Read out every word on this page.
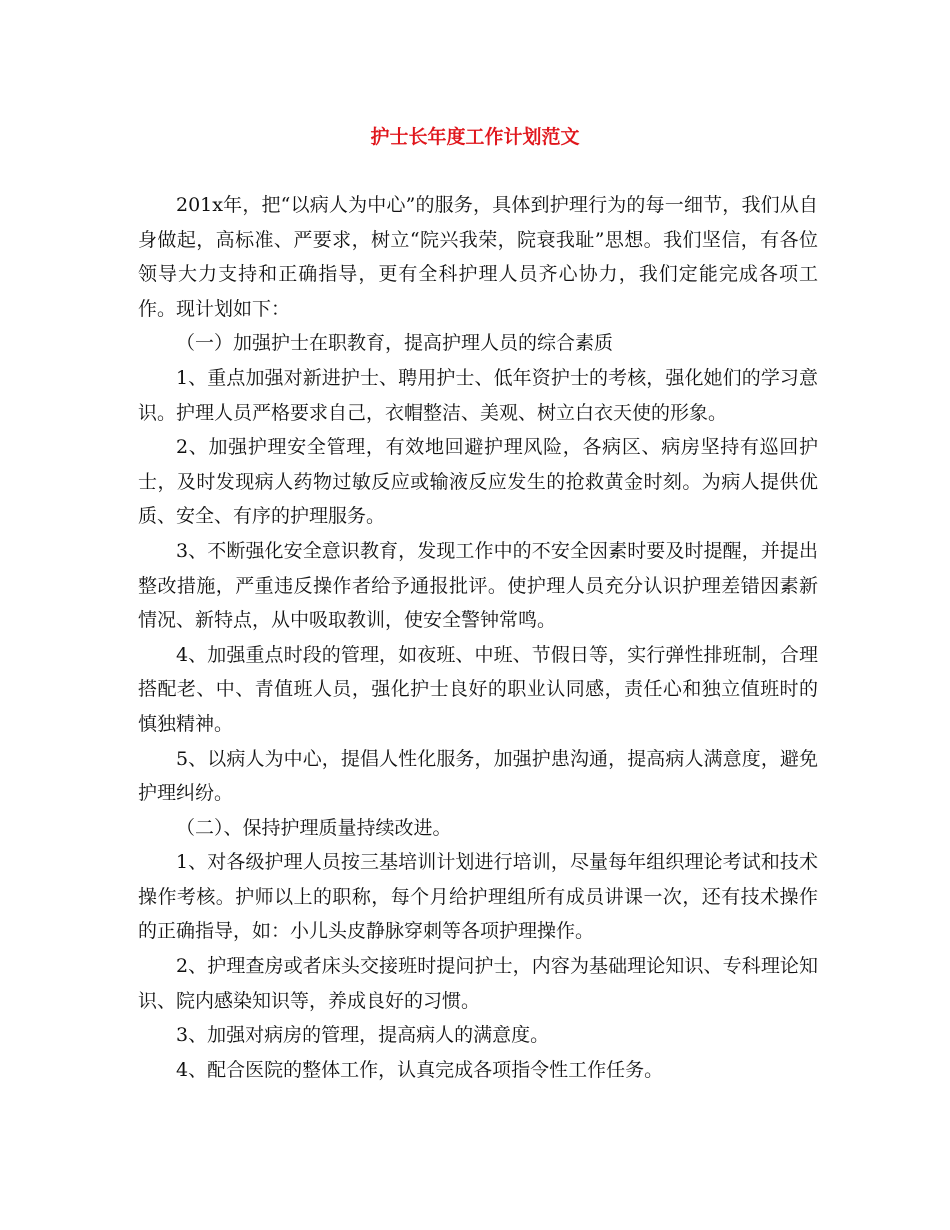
护士长年度工作计划范文

201x年，把“以病人为中心”的服务，具体到护理行为的每一细节，我们从自身做起，高标准、严要求，树立“院兴我荣，院衰我耻”思想。我们坚信，有各位领导大力支持和正确指导，更有全科护理人员齐心协力，我们定能完成各项工作。现计划如下：

（一）加强护士在职教育，提高护理人员的综合素质

1、重点加强对新进护士、聘用护士、低年资护士的考核，强化她们的学习意识。护理人员严格要求自己，衣帽整洁、美观、树立白衣天使的形象。

2、加强护理安全管理，有效地回避护理风险，各病区、病房坚持有巡回护士，及时发现病人药物过敏反应或输液反应发生的抢救黄金时刻。为病人提供优质、安全、有序的护理服务。

3、不断强化安全意识教育，发现工作中的不安全因素时要及时提醒，并提出整改措施，严重违反操作者给予通报批评。使护理人员充分认识护理差错因素新情况、新特点，从中吸取教训，使安全警钟常鸣。

4、加强重点时段的管理，如夜班、中班、节假日等，实行弹性排班制，合理搭配老、中、青值班人员，强化护士良好的职业认同感，责任心和独立值班时的慎独精神。

5、以病人为中心，提倡人性化服务，加强护患沟通，提高病人满意度，避免护理纠纷。

（二）、保持护理质量持续改进。

1、对各级护理人员按三基培训计划进行培训，尽量每年组织理论考试和技术操作考核。护师以上的职称，每个月给护理组所有成员讲课一次，还有技术操作的正确指导，如：小儿头皮静脉穿刺等各项护理操作。

2、护理查房或者床头交接班时提问护士，内容为基础理论知识、专科理论知识、院内感染知识等，养成良好的习惯。

3、加强对病房的管理，提高病人的满意度。

4、配合医院的整体工作，认真完成各项指令性工作任务。
